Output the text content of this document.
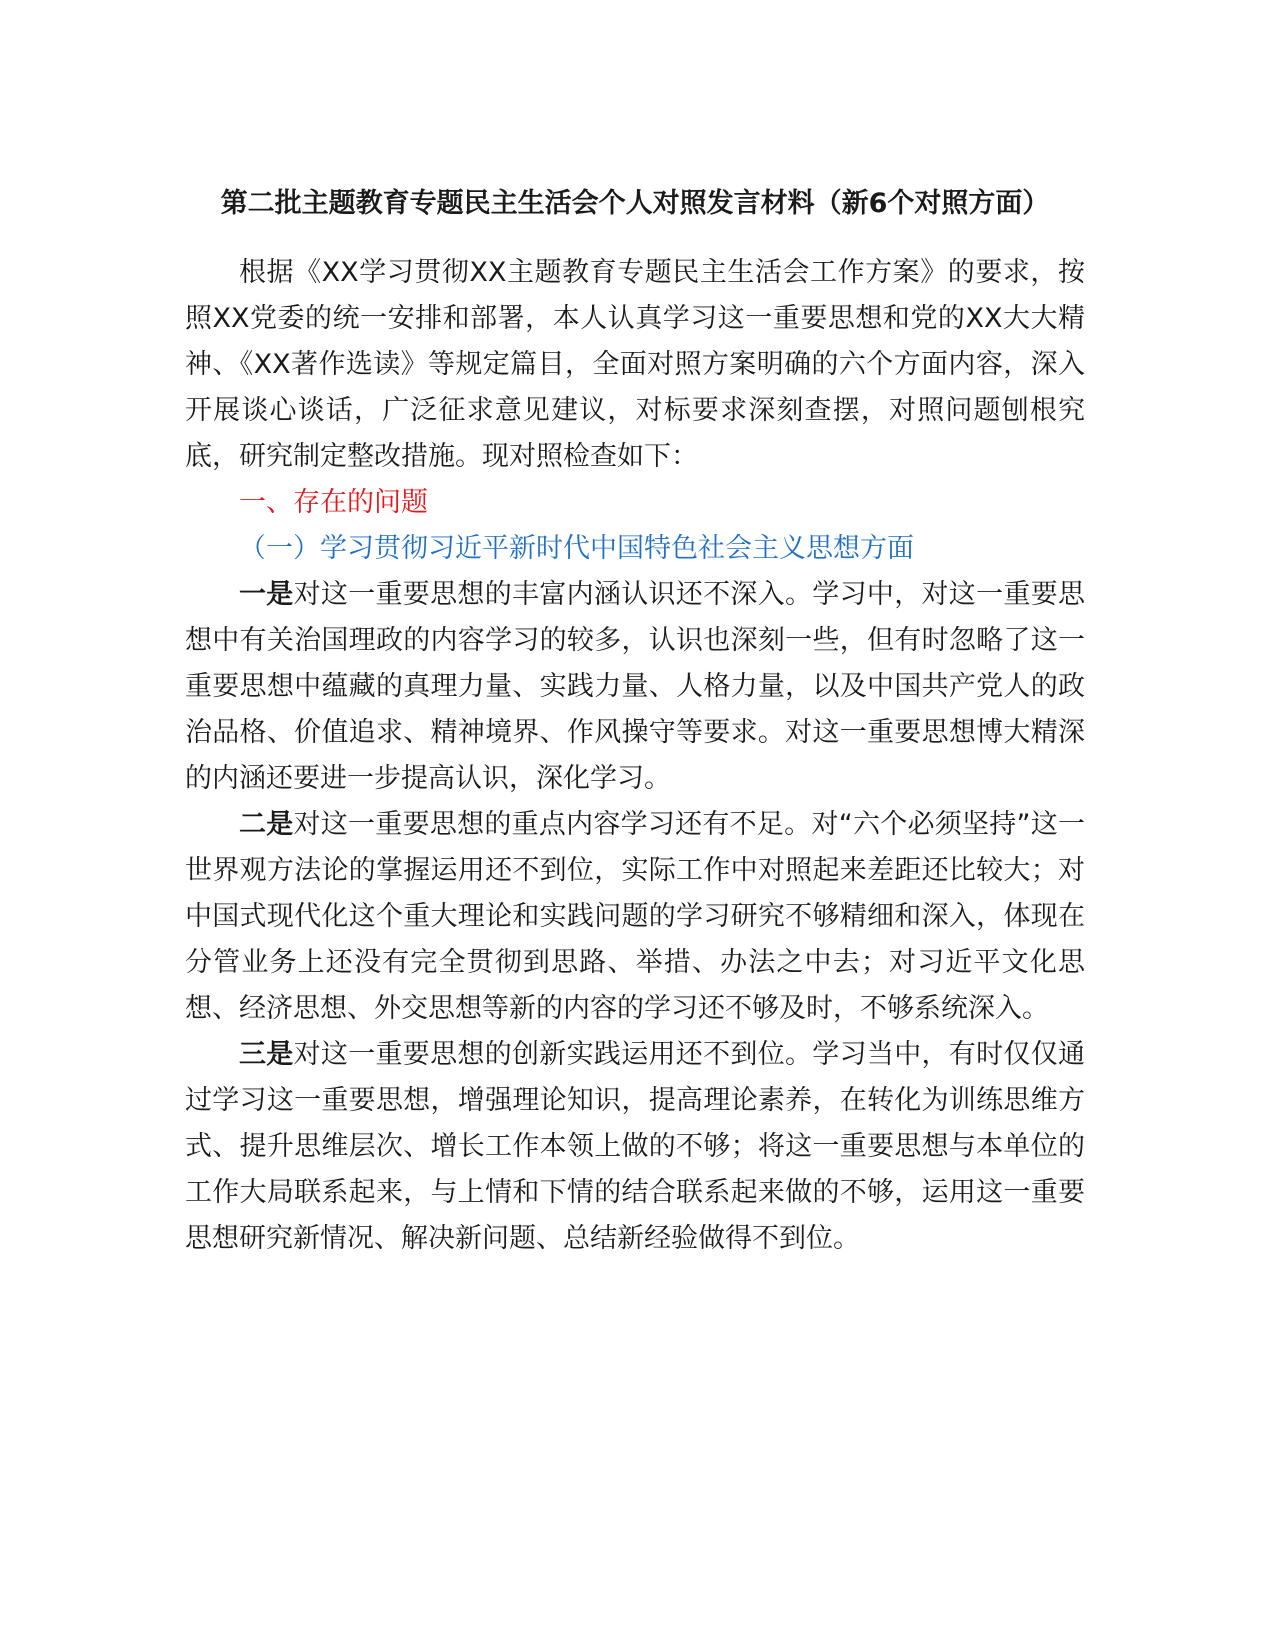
第二批主题教育专题民主生活会个人对照发言材料（新6个对照方面）

根据《XX学习贯彻XX主题教育专题民主生活会工作方案》的要求，按照XX党委的统一安排和部署，本人认真学习这一重要思想和党的XX大大精神、《XX著作选读》等规定篇目，全面对照方案明确的六个方面内容，深入开展谈心谈话，广泛征求意见建议，对标要求深刻查摆，对照问题刨根究底，研究制定整改措施。现对照检查如下：

一、存在的问题

（一）学习贯彻习近平新时代中国特色社会主义思想方面

一是对这一重要思想的丰富内涵认识还不深入。学习中，对这一重要思想中有关治国理政的内容学习的较多，认识也深刻一些，但有时忽略了这一重要思想中蕴藏的真理力量、实践力量、人格力量，以及中国共产党人的政治品格、价值追求、精神境界、作风操守等要求。对这一重要思想博大精深的内涵还要进一步提高认识，深化学习。

二是对这一重要思想的重点内容学习还有不足。对“六个必须坚持”这一世界观方法论的掌握运用还不到位，实际工作中对照起来差距还比较大；对中国式现代化这个重大理论和实践问题的学习研究不够精细和深入，体现在分管业务上还没有完全贯彻到思路、举措、办法之中去；对习近平文化思想、经济思想、外交思想等新的内容的学习还不够及时，不够系统深入。

三是对这一重要思想的创新实践运用还不到位。学习当中，有时仅仅通过学习这一重要思想，增强理论知识，提高理论素养，在转化为训练思维方式、提升思维层次、增长工作本领上做的不够；将这一重要思想与本单位的工作大局联系起来，与上情和下情的结合联系起来做的不够，运用这一重要思想研究新情况、解决新问题、总结新经验做得不到位。
